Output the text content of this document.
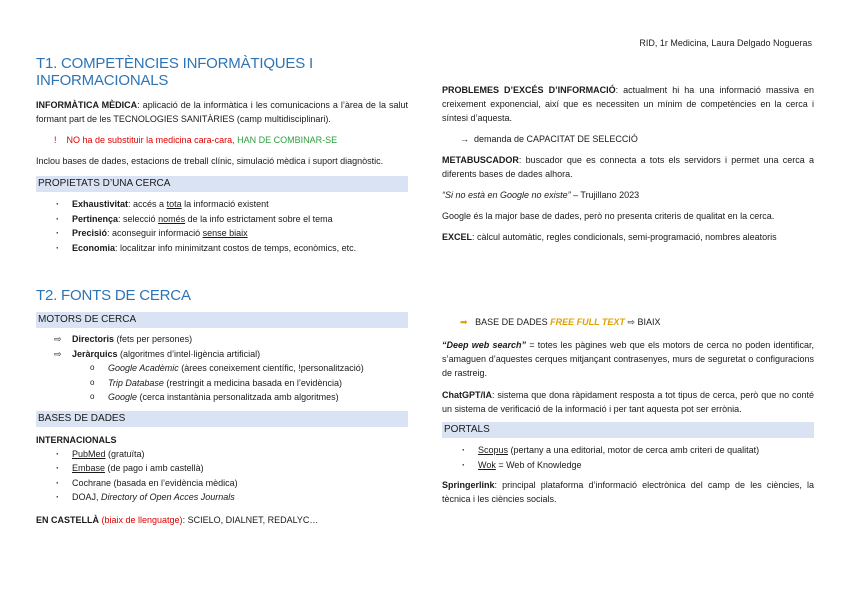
RID, 1r Medicina, Laura Delgado Nogueras
T1. COMPETÈNCIES INFORMÀTIQUES I INFORMACIONALS

INFORMÀTICA MÈDICA: aplicació de la informàtica i les comunicacions a l’àrea de la salut formant part de les TECNOLOGIES SANITÀRIES (camp multidisciplinari).

! NO ha de substituir la medicina cara-cara, HAN DE COMBINAR-SE

Inclou bases de dades, estacions de treball clínic, simulació mèdica i suport diagnòstic.

PROPIETATS D’UNA CERCA
· Exhaustivitat: accés a tota la informació existent
· Pertinença: selecció només de la info estrictament sobre el tema
· Precisió: aconseguir informació sense biaix
· Economia: localitzar info minimitzant costos de temps, econòmics, etc.

PROBLEMES D’EXCÉS D’INFORMACIÓ: actualment hi ha una informació massiva en creixement exponencial, així que es necessiten un mínim de competències en la cerca i síntesi d’aquesta.

→ demanda de CAPACITAT DE SELECCIÓ

METABUSCADOR: buscador que es connecta a tots els servidors i permet una cerca a diferents bases de dades alhora.

“Si no està en Google no existe” – Trujillano 2023

Google és la major base de dades, però no presenta criteris de qualitat en la cerca.

EXCEL: càlcul automàtic, regles condicionals, semi-programació, nombres aleatoris

T2. FONTS DE CERCA
MOTORS DE CERCA
⇨ Directoris (fets per persones)
⇨ Jeràrquics (algoritmes d’intel·ligència artificial)
o Google Acadèmic (àrees coneixement científic, !personalització)
o Trip Database (restringit a medicina basada en l’evidència)
o Google (cerca instantània personalitzada amb algoritmes)
BASES DE DADES

INTERNACIONALS

· PubMed (gratuïta)
· Embase (de pago i amb castellà)
· Cochrane (basada en l’evidència mèdica)
· DOAJ, Directory of Open Acces Journals

EN CASTELLÀ (biaix de llenguatge): SCIELO, DIALNET, REDALYC…

➡ BASE DE DADES FREE FULL TEXT ⇨ BIAIX

“Deep web search” = totes les pàgines web que els motors de cerca no poden identificar, s’amaguen d’aquestes cerques mitjançant contrasenyes, murs de seguretat o configuracions de rastreig.

ChatGPT/IA: sistema que dona ràpidament resposta a tot tipus de cerca, però que no conté un sistema de verificació de la informació i per tant aquesta pot ser errònia.

PORTALS
· Scopus (pertany a una editorial, motor de cerca amb criteri de qualitat)
· Wok = Web of Knowledge

Springerlink: principal plataforma d’informació electrònica del camp de les ciències, la tècnica i les ciències socials.
